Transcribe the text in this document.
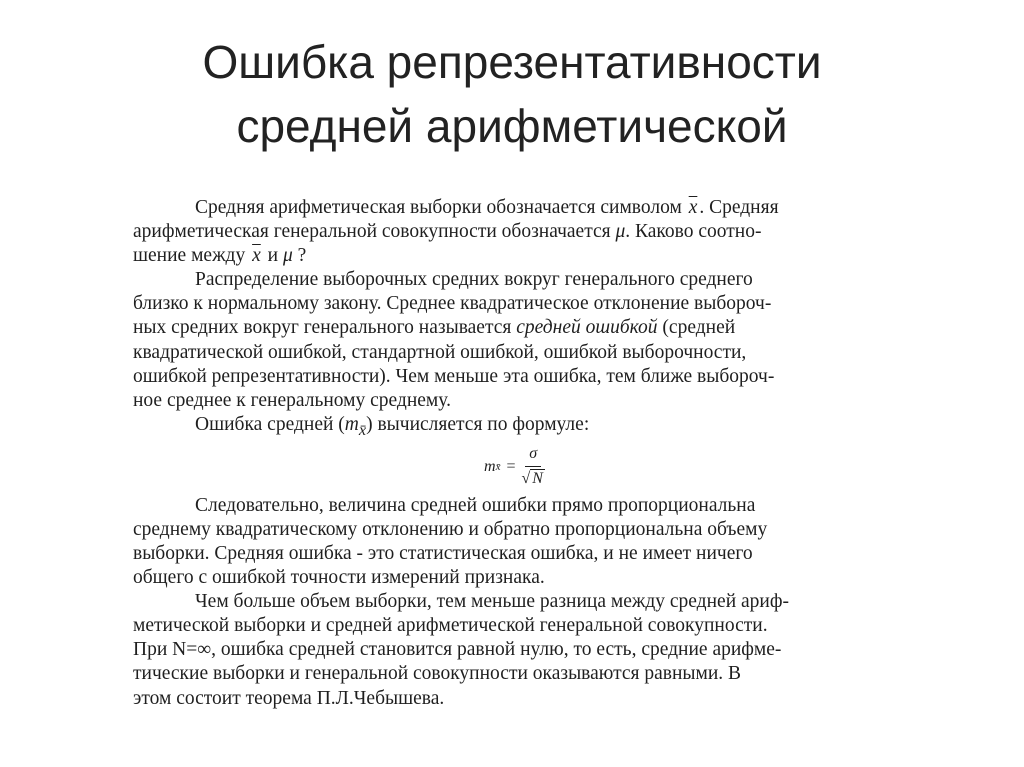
Ошибка репрезентативности
средней арифметической

Средняя арифметическая выборки обозначается символом $\overline{x}$ . Средняя
арифметическая генеральной совокупности обозначается μ. Каково соотно-
шение между $\overline{x}$ и μ ?

Распределение выборочных средних вокруг генерального среднего
близко к нормальному закону. Среднее квадратическое отклонение выбороч-
ных средних вокруг генерального называется средней ошибкой (средней
квадратической ошибкой, стандартной ошибкой, ошибкой выборочности,
ошибкой репрезентативности). Чем меньше эта ошибка, тем ближе выбороч-
ное среднее к генеральному среднему.

Ошибка средней $(m_{x̄})$ вычисляется по формуле:

m x̄ = $\frac{\sigma}{√ N}$

Следовательно, величина средней ошибки прямо пропорциональна
среднему квадратическому отклонению и обратно пропорциональна объему
выборки. Средняя ошибка - это статистическая ошибка, и не имеет ничего
общего с ошибкой точности измерений признака.

Чем больше объем выборки, тем меньше разница между средней ариф-
метической выборки и средней арифметической генеральной совокупности.
При N=∞, ошибка средней становится равной нулю, то есть, средние арифме-
тические выборки и генеральной совокупности оказываются равными. В
этом состоит теорема П.Л.Чебышева.
